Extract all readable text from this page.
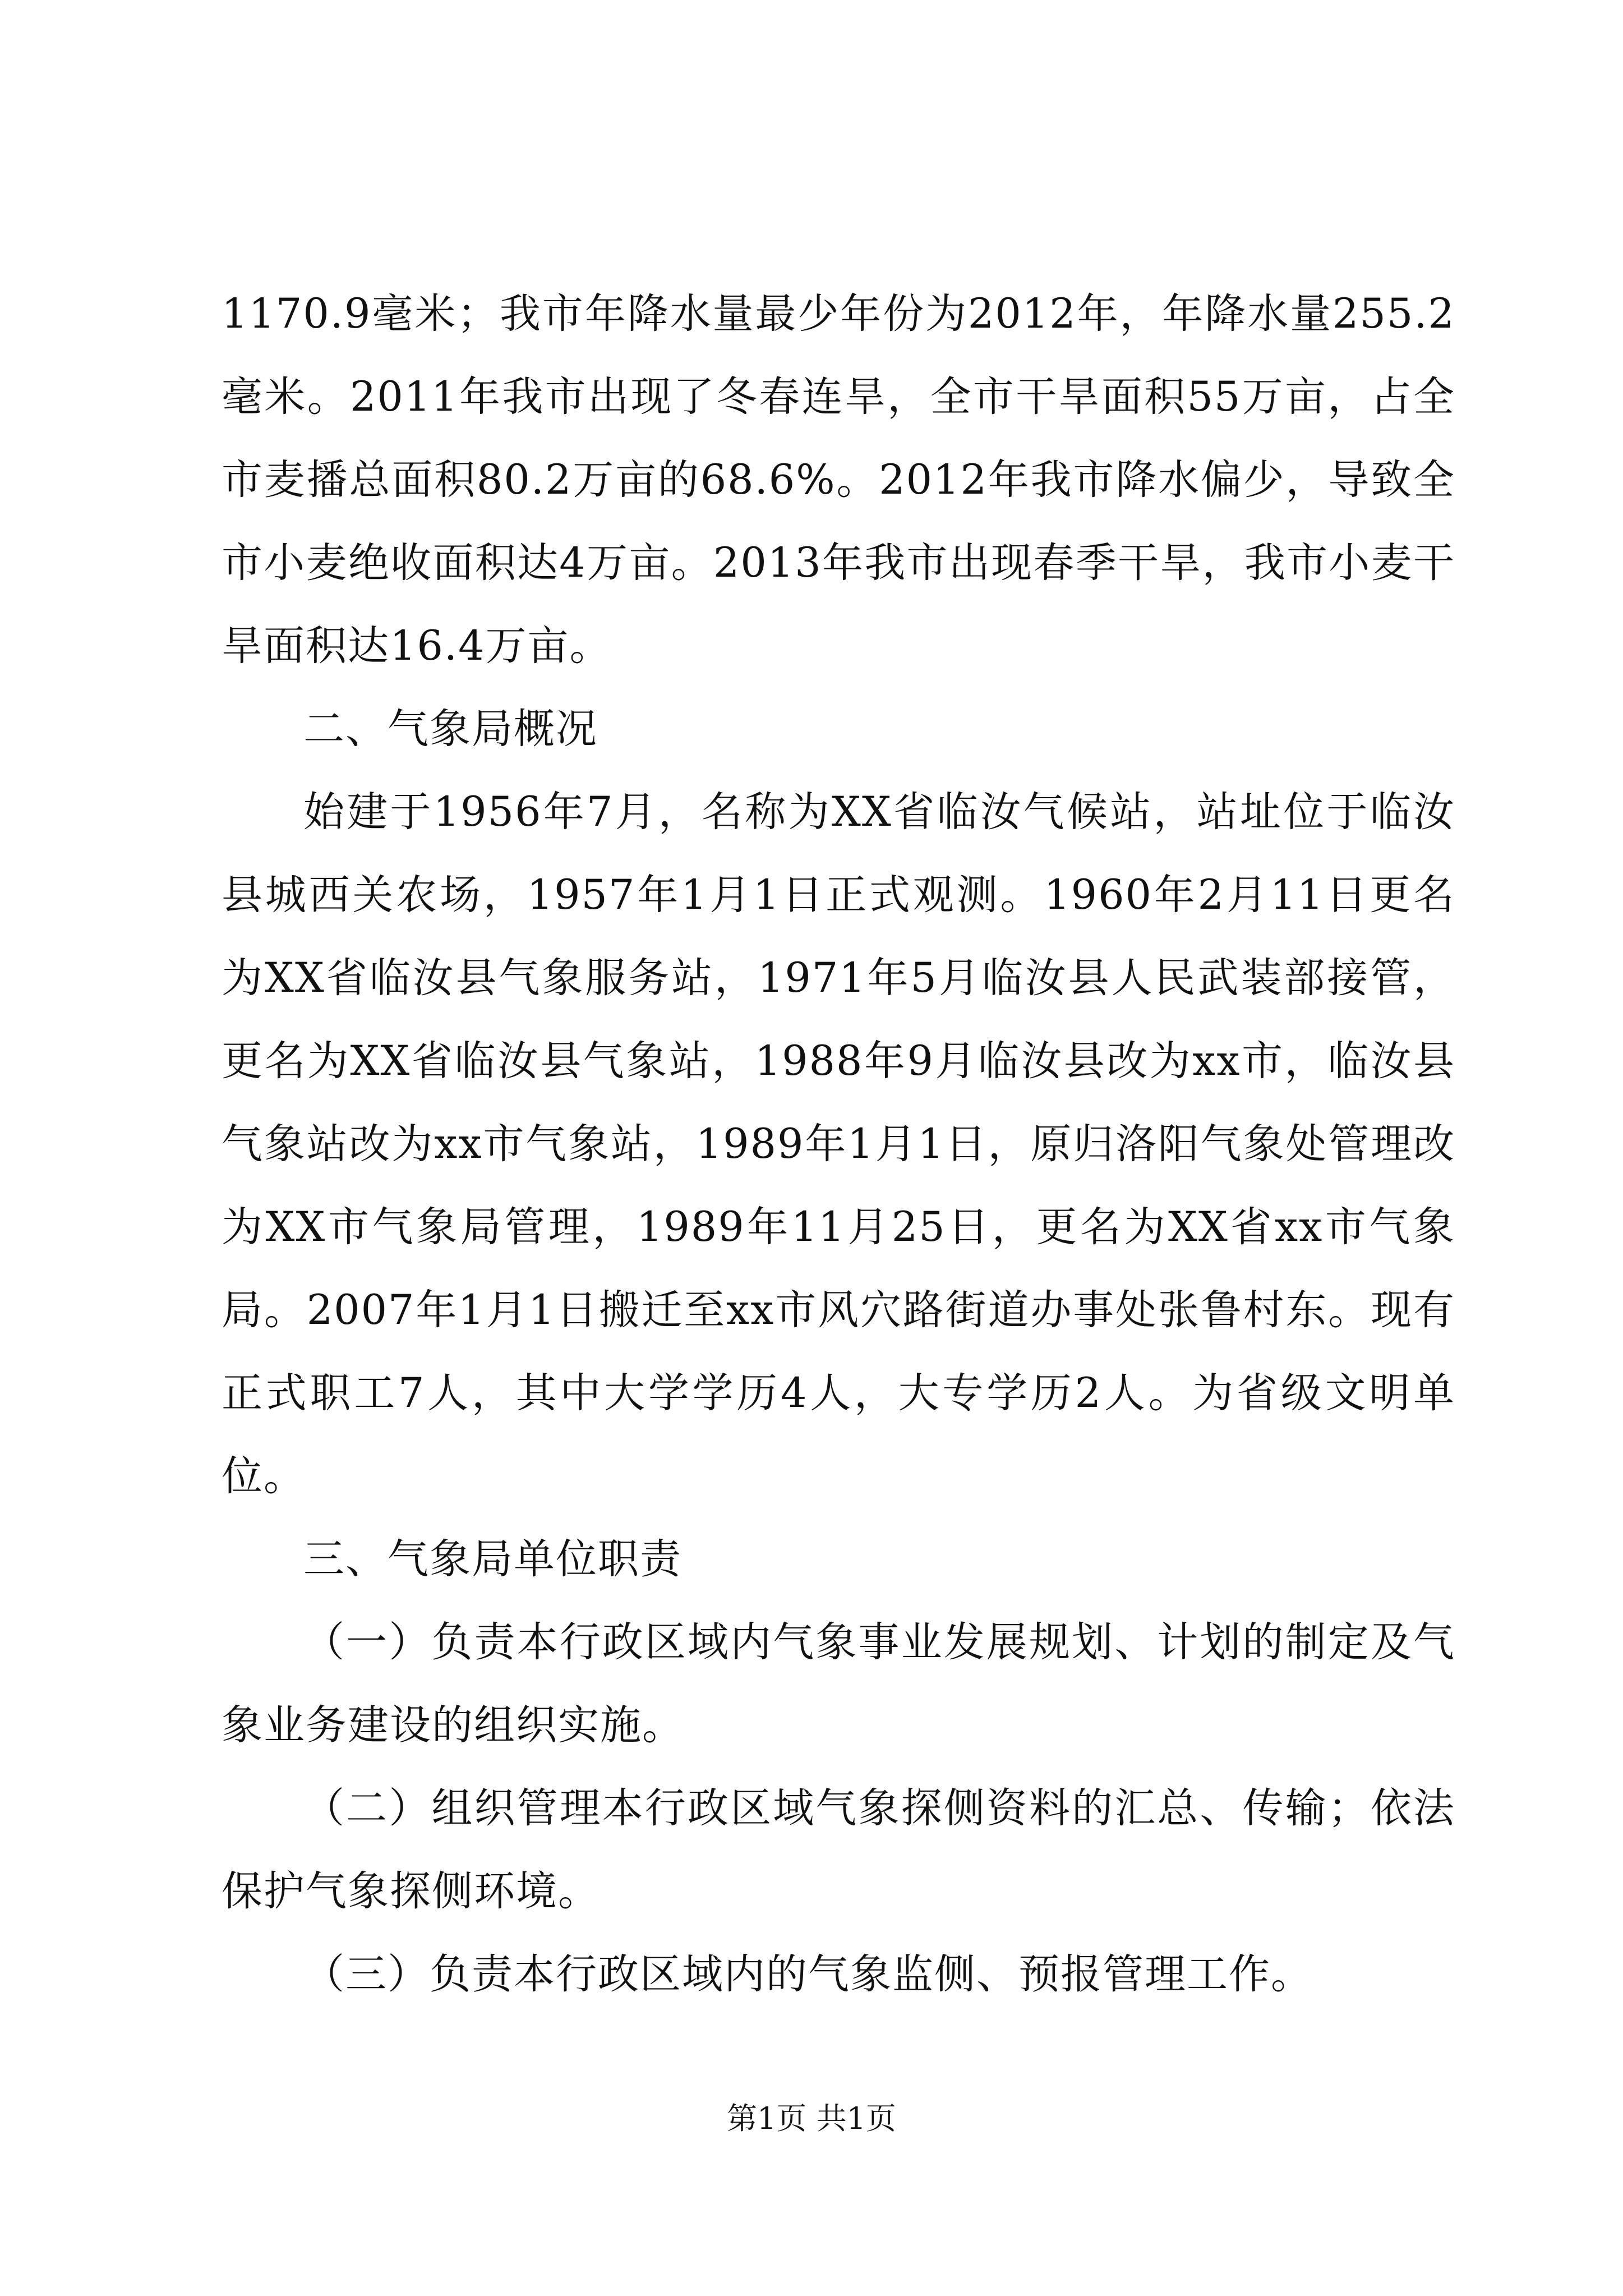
1170.9毫米；我市年降水量最少年份为2012年，年降水量255.2毫米。2011年我市出现了冬春连旱，全市干旱面积55万亩，占全市麦播总面积80.2万亩的68.6%。2012年我市降水偏少，导致全市小麦绝收面积达4万亩。2013年我市出现春季干旱，我市小麦干旱面积达16.4万亩。

二、气象局概况

始建于1956年7月，名称为XX省临汝气候站，站址位于临汝县城西关农场，1957年1月1日正式观测。1960年2月11日更名为XX省临汝县气象服务站，1971年5月临汝县人民武装部接管，更名为XX省临汝县气象站，1988年9月临汝县改为xx市，临汝县气象站改为xx市气象站，1989年1月1日，原归洛阳气象处管理改为XX市气象局管理，1989年11月25日，更名为XX省xx市气象局。2007年1月1日搬迁至xx市风穴路街道办事处张鲁村东。现有正式职工7人，其中大学学历4人，大专学历2人。为省级文明单位。

三、气象局单位职责

（一）负责本行政区域内气象事业发展规划、计划的制定及气象业务建设的组织实施。

（二）组织管理本行政区域气象探侧资料的汇总、传输；依法保护气象探侧环境。

（三）负责本行政区域内的气象监侧、预报管理工作。

第1页 共1页
